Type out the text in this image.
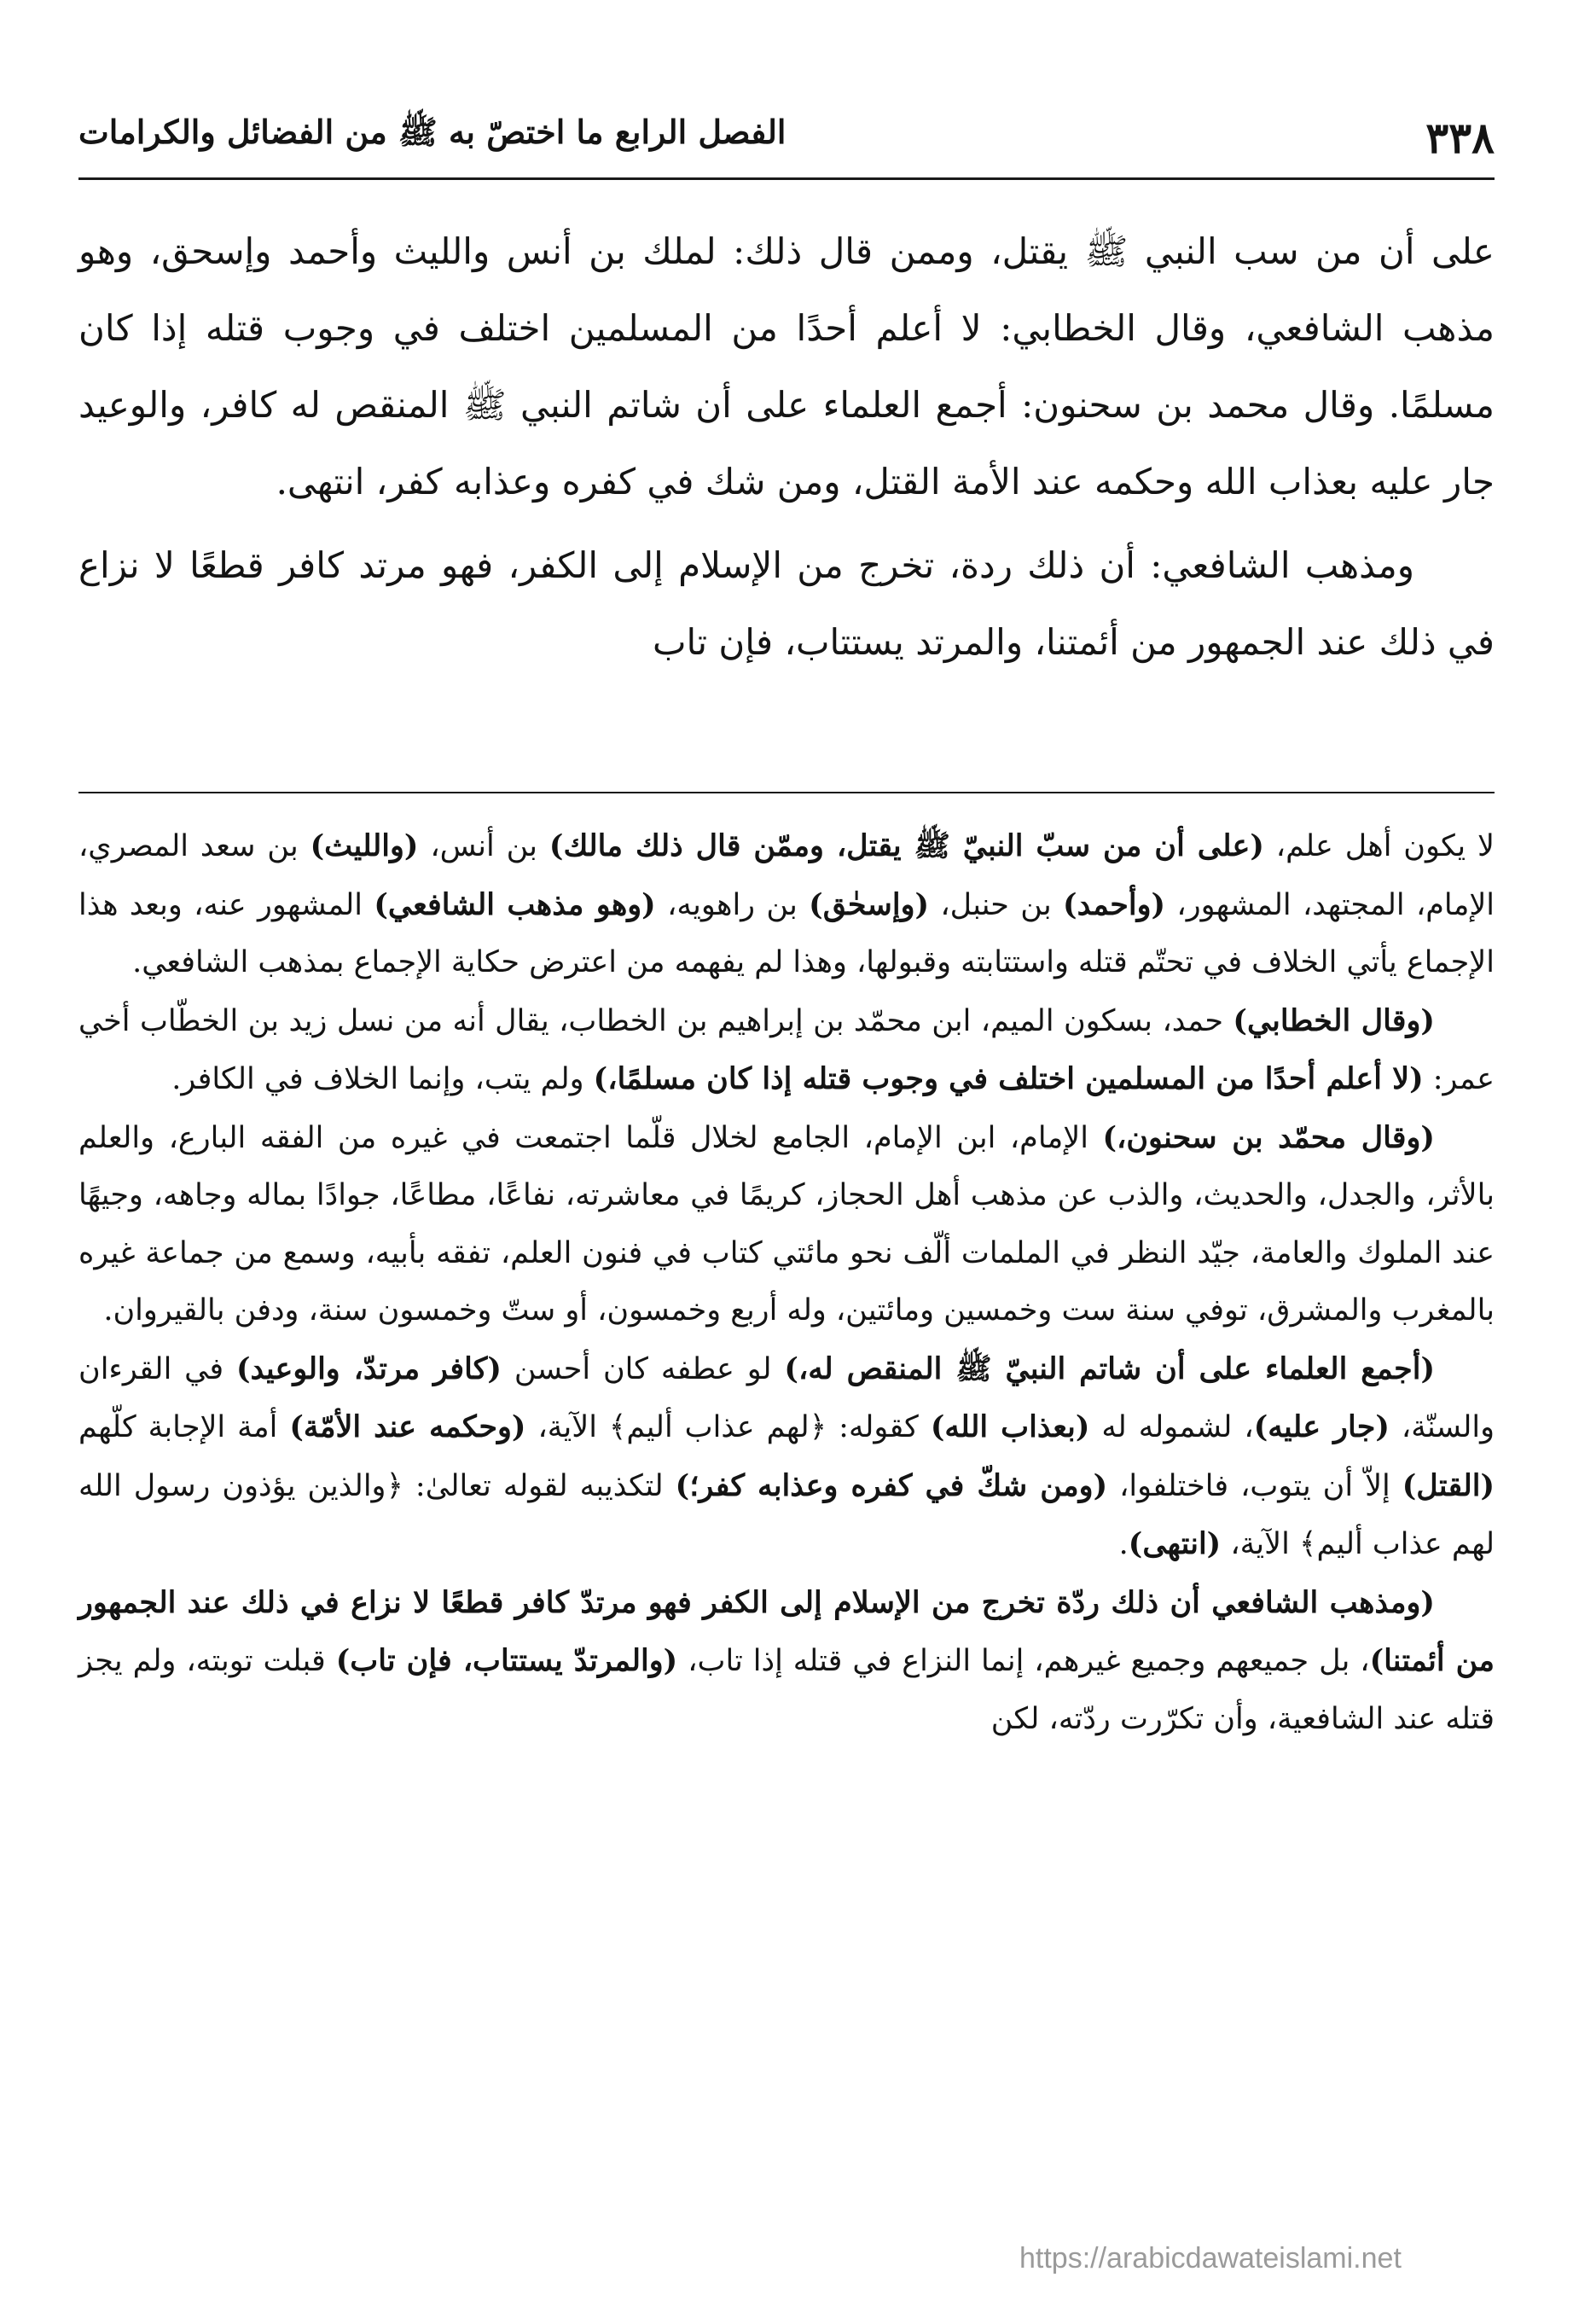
٣٣٨
الفصل الرابع ما اختصّ به ﷺ من الفضائل والكرامات

على أن من سب النبي ﷺ يقتل، وممن قال ذلك: لملك بن أنس والليث وأحمد وإسحق، وهو مذهب الشافعي، وقال الخطابي: لا أعلم أحدًا من المسلمين اختلف في وجوب قتله إذا كان مسلمًا. وقال محمد بن سحنون: أجمع العلماء على أن شاتم النبي ﷺ المنقص له كافر، والوعيد جار عليه بعذاب الله وحكمه عند الأمة القتل، ومن شك في كفره وعذابه كفر، انتهى.

ومذهب الشافعي: أن ذلك ردة، تخرج من الإسلام إلى الكفر، فهو مرتد كافر قطعًا لا نزاع في ذلك عند الجمهور من أئمتنا، والمرتد يستتاب، فإن تاب

لا يكون أهل علم، (على أن من سبّ النبيّ ﷺ يقتل، وممّن قال ذلك مالك) بن أنس، (والليث) بن سعد المصري، الإمام، المجتهد، المشهور، (وأحمد) بن حنبل، (وإسحٰق) بن راهويه، (وهو مذهب الشافعي) المشهور عنه، وبعد هذا الإجماع يأتي الخلاف في تحتّم قتله واستتابته وقبولها، وهذا لم يفهمه من اعترض حكاية الإجماع بمذهب الشافعي.

(وقال الخطابي) حمد، بسكون الميم، ابن محمّد بن إبراهيم بن الخطاب، يقال أنه من نسل زيد بن الخطّاب أخي عمر: (لا أعلم أحدًا من المسلمين اختلف في وجوب قتله إذا كان مسلمًا،) ولم يتب، وإنما الخلاف في الكافر.

(وقال محمّد بن سحنون،) الإمام، ابن الإمام، الجامع لخلال قلّما اجتمعت في غيره من الفقه البارع، والعلم بالأثر، والجدل، والحديث، والذب عن مذهب أهل الحجاز، كريمًا في معاشرته، نفاعًا، مطاعًا، جوادًا بماله وجاهه، وجيهًا عند الملوك والعامة، جيّد النظر في الملمات ألّف نحو مائتي كتاب في فنون العلم، تفقه بأبيه، وسمع من جماعة غيره بالمغرب والمشرق، توفي سنة ست وخمسين ومائتين، وله أربع وخمسون، أو ستّ وخمسون سنة، ودفن بالقيروان.

(أجمع العلماء على أن شاتم النبيّ ﷺ المنقص له،) لو عطفه كان أحسن (كافر مرتدّ، والوعيد) في القرءان والسنّة، (جار عليه)، لشموله له (بعذاب الله) كقوله: ﴿لهم عذاب أليم﴾ الآية، (وحكمه عند الأمّة) أمة الإجابة كلّهم (القتل) إلاّ أن يتوب، فاختلفوا، (ومن شكّ في كفره وعذابه كفر؛) لتكذيبه لقوله تعالىٰ: ﴿والذين يؤذون رسول الله لهم عذاب أليم﴾ الآية، (انتهى).

(ومذهب الشافعي أن ذلك ردّة تخرج من الإسلام إلى الكفر فهو مرتدّ كافر قطعًا لا نزاع في ذلك عند الجمهور من أئمتنا)، بل جميعهم وجميع غيرهم، إنما النزاع في قتله إذا تاب، (والمرتدّ يستتاب، فإن تاب) قبلت توبته، ولم يجز قتله عند الشافعية، وأن تكرّرت ردّته، لكن

https://arabicdawateislami.net
